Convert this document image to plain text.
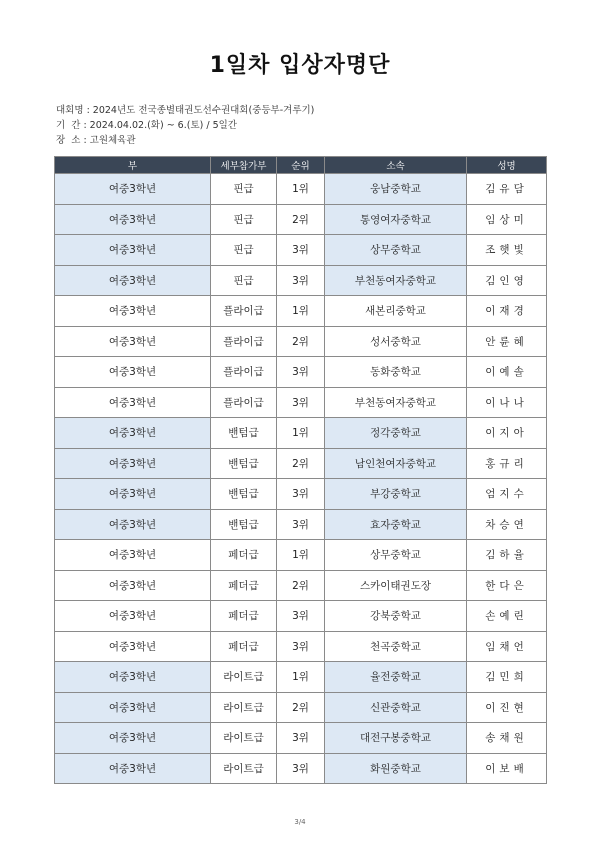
1일차 입상자명단
대회명 : 2024년도 전국종별태권도선수권대회(중등부-겨루기)
기  간 : 2024.04.02.(화) ~ 6.(토) / 5일간
장  소 : 고원체육관
부	세부참가부	순위	소속	성명
여중3학년	핀급	1위	웅남중학교	김유담
여중3학년	핀급	2위	통영여자중학교	임상미
여중3학년	핀급	3위	상무중학교	조햇빛
여중3학년	핀급	3위	부천동여자중학교	김인영
여중3학년	플라이급	1위	새본리중학교	이재경
여중3학년	플라이급	2위	성서중학교	안륜혜
여중3학년	플라이급	3위	동화중학교	이예솔
여중3학년	플라이급	3위	부천동여자중학교	이나나
여중3학년	밴텀급	1위	정각중학교	이지아
여중3학년	밴텀급	2위	남인천여자중학교	홍규리
여중3학년	밴텀급	3위	부강중학교	엄지수
여중3학년	밴텀급	3위	효자중학교	차승연
여중3학년	페더급	1위	상무중학교	김하율
여중3학년	페더급	2위	스카이태권도장	한다은
여중3학년	페더급	3위	강북중학교	손예린
여중3학년	페더급	3위	천곡중학교	임채언
여중3학년	라이트급	1위	율전중학교	김민희
여중3학년	라이트급	2위	신관중학교	이진현
여중3학년	라이트급	3위	대전구봉중학교	송채원
여중3학년	라이트급	3위	화원중학교	이보배
3/4
